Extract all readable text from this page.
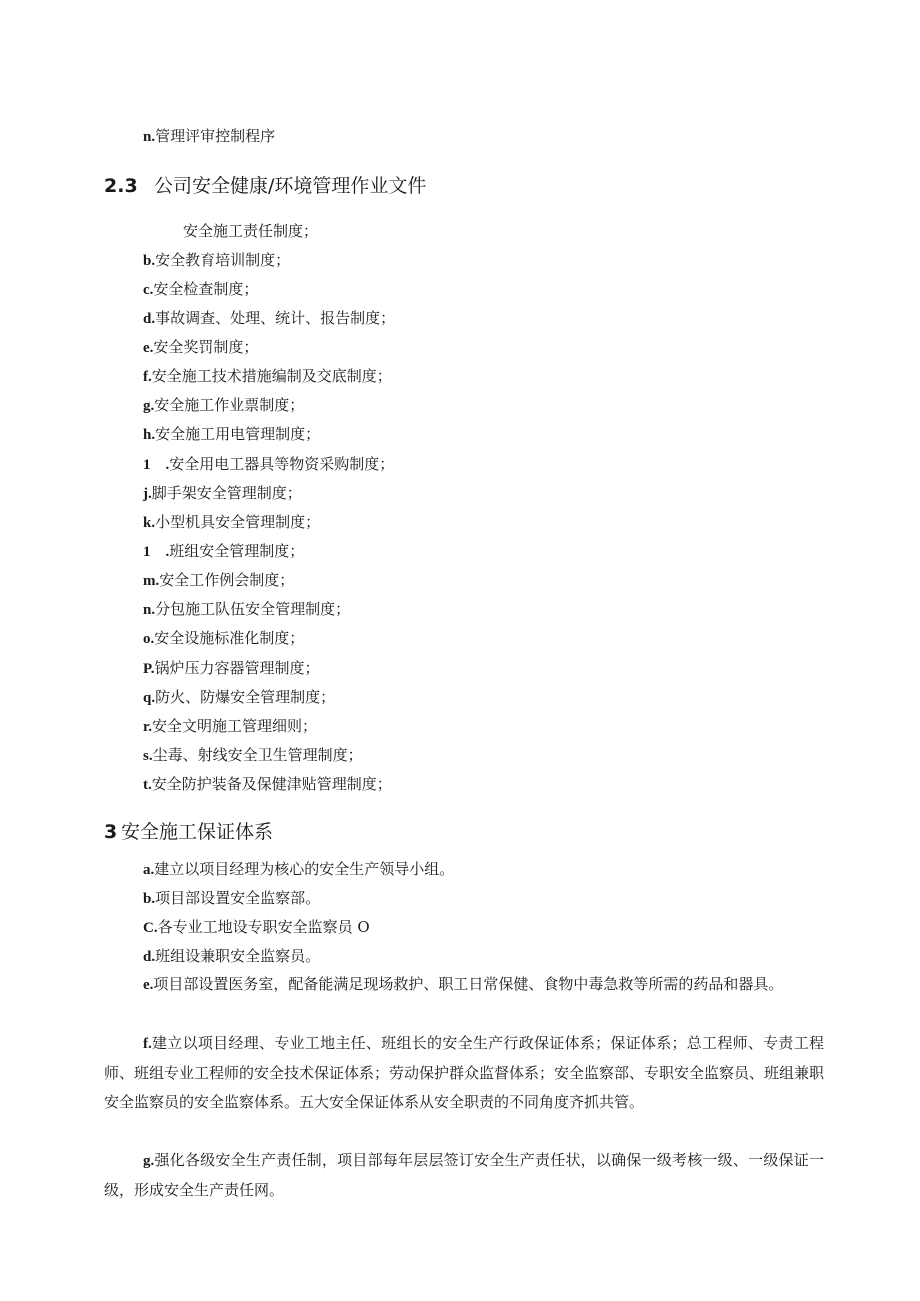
n.管理评审控制程序
2.3 公司安全健康/环境管理作业文件
安全施工责任制度；
b.安全教育培训制度；
c.安全检查制度；
d.事故调查、处理、统计、报告制度；
e.安全奖罚制度；
f.安全施工技术措施编制及交底制度；
g.安全施工作业票制度；
h.安全施工用电管理制度；
1　.安全用电工器具等物资采购制度；
j.脚手架安全管理制度；
k.小型机具安全管理制度；
1　.班组安全管理制度；
m.安全工作例会制度；
n.分包施工队伍安全管理制度；
o.安全设施标准化制度；
P.锅炉压力容器管理制度；
q.防火、防爆安全管理制度；
r.安全文明施工管理细则；
s.尘毒、射线安全卫生管理制度；
t.安全防护装备及保健津贴管理制度；
3 安全施工保证体系
a.建立以项目经理为核心的安全生产领导小组。
b.项目部设置安全监察部。
C.各专业工地设专职安全监察员 O
d.班组设兼职安全监察员。
e.项目部设置医务室，配备能满足现场救护、职工日常保健、食物中毒急救等所需的药品和器具。
f.建立以项目经理、专业工地主任、班组长的安全生产行政保证体系；保证体系；总工程师、专责工程师、班组专业工程师的安全技术保证体系；劳动保护群众监督体系；安全监察部、专职安全监察员、班组兼职安全监察员的安全监察体系。五大安全保证体系从安全职责的不同角度齐抓共管。
g.强化各级安全生产责任制，项目部每年层层签订安全生产责任状，以确保一级考核一级、一级保证一级，形成安全生产责任网。
